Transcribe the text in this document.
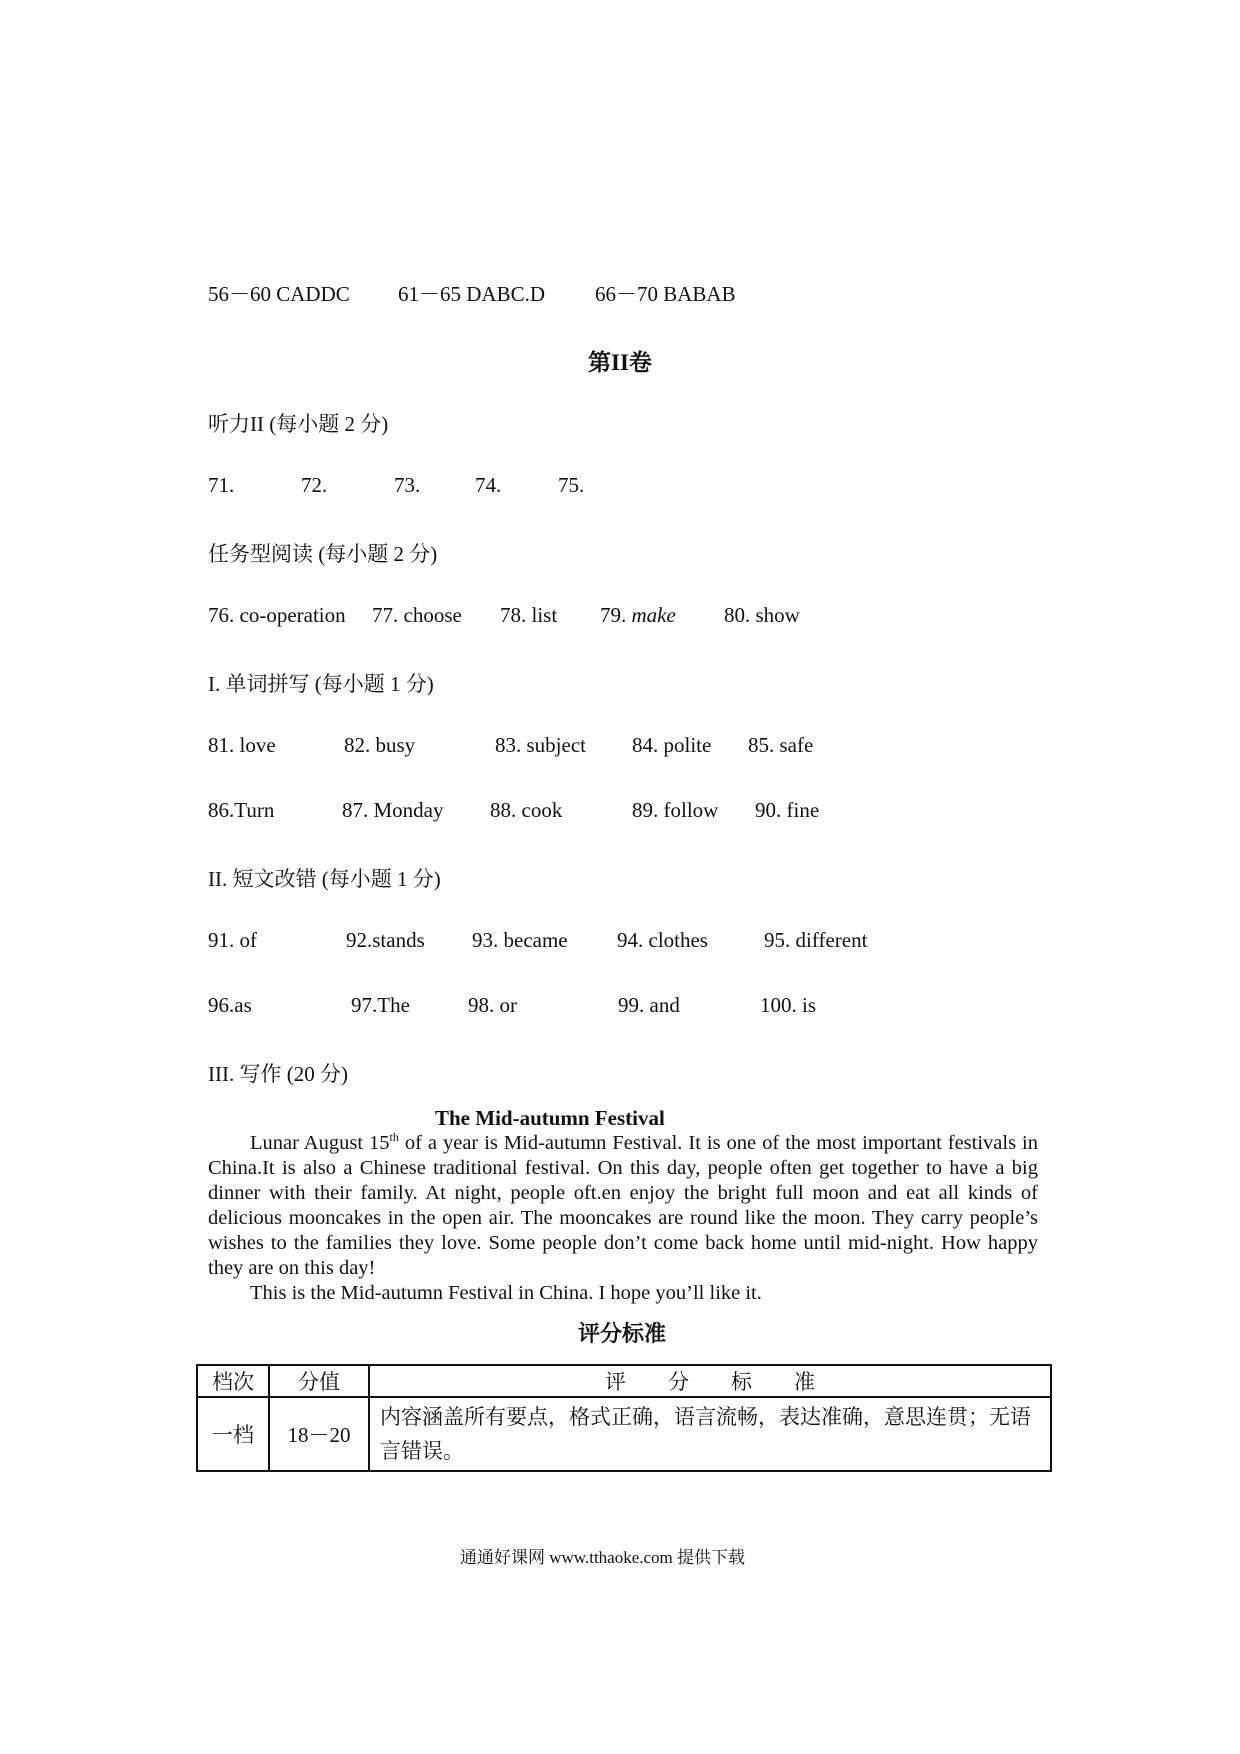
56－60 CADDC 61－65 DABC.D 66－70 BABAB
第II卷
听力II (每小题 2 分)
71.	72.	73.	74.	75.
任务型阅读 (每小题 2 分)
76. co-operation 77. choose 78. list 79. make 80. show
I. 单词拼写 (每小题 1 分)
81. love	82. busy	83. subject 84. polite 85. safe
86.Turn	87. Monday 88. cook	89. follow 90. fine
II. 短文改错 (每小题 1 分)
91. of	92.stands 93. became 94. clothes	95. different
96.as	97.The	98. or	99. and	100. is
III. 写作 (20 分)
The Mid-autumn Festival

Lunar August 15th of a year is Mid-autumn Festival. It is one of the most important festivals in China.It is also a Chinese traditional festival. On this day, people often get together to have a big dinner with their family. At night, people oft.en enjoy the bright full moon and eat all kinds of delicious mooncakes in the open air. The mooncakes are round like the moon. They carry people’s wishes to the families they love. Some people don’t come back home until mid-night. How happy they are on this day!

This is the Mid-autumn Festival in China. I hope you’ll like it.

评分标准
档次	分值	评　　分　　标　　准
一档	18－20	内容涵盖所有要点，格式正确，语言流畅，表达准确，意思连贯；无语言错误。
通通好课网 www.tthaoke.com 提供下载
